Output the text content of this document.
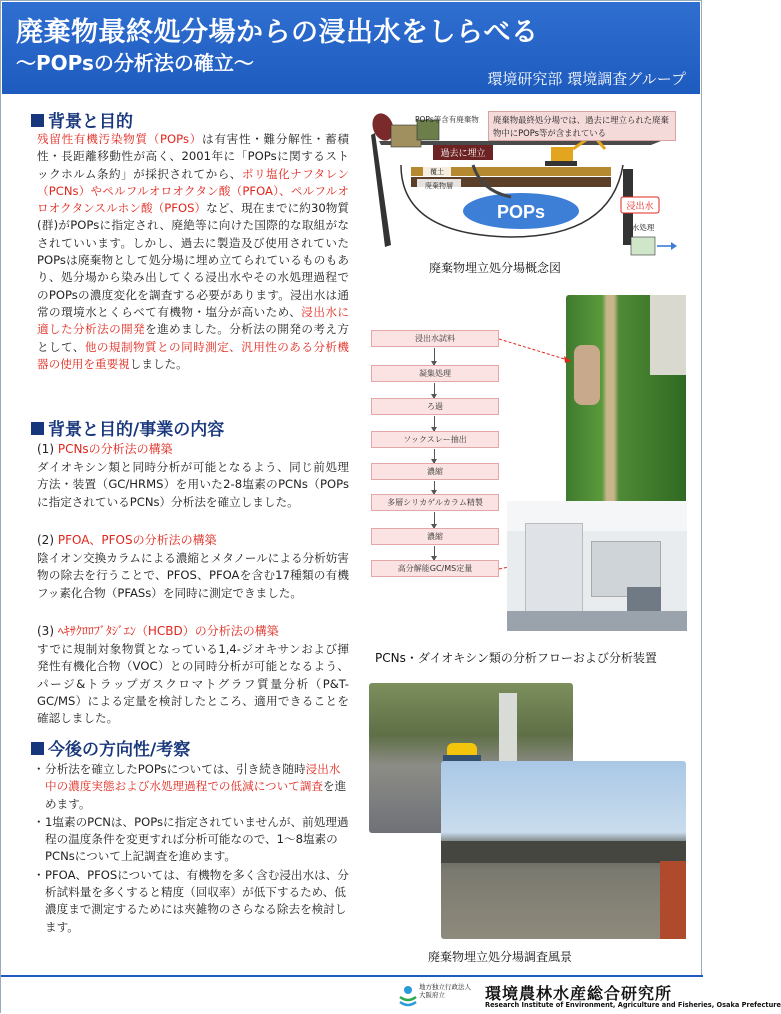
廃棄物最終処分場からの浸出水をしらべる
～POPsの分析法の確立～
環境研究部 環境調査グループ
背景と目的
残留性有機汚染物質（POPs）は有害性・難分解性・蓄積性・長距離移動性が高く、2001年に「POPsに関するストックホルム条約」が採択されてから、ポリ塩化ナフタレン（PCNs）やペルフルオロオクタン酸（PFOA）、ペルフルオロオクタンスルホン酸（PFOS）など、現在までに約30物質(群)がPOPsに指定され、廃絶等に向けた国際的な取組がなされていいます。しかし、過去に製造及び使用されていたPOPsは廃棄物として処分場に埋め立てられているものもあり、処分場から染み出してくる浸出水やその水処理過程でのPOPsの濃度変化を調査する必要があります。浸出水は通常の環境水とくらべて有機物・塩分が高いため、浸出水に適した分析法の開発を進めました。分析法の開発の考え方として、他の規制物質との同時測定、汎用性のある分析機器の使用を重要視しました。
背景と目的/事業の内容
(1) PCNsの分析法の構築
ダイオキシン類と同時分析が可能となるよう、同じ前処理方法・装置（GC/HRMS）を用いた2-8塩素のPCNs（POPsに指定されているPCNs）分析法を確立しました。
(2) PFOA、PFOSの分析法の構築
陰イオン交換カラムによる濃縮とメタノールによる分析妨害物の除去を行うことで、PFOS、PFOAを含む17種類の有機フッ素化合物（PFASs）を同時に測定できました。
(3) ﾍｷｻｸﾛﾛﾌﾞﾀｼﾞｴﾝ（HCBD）の分析法の構築
すでに規制対象物質となっている1,4-ジオキサンおよび揮発性有機化合物（VOC）との同時分析が可能となるよう、パージ&トラップガスクロマトグラフ質量分析（P&T-GC/MS）による定量を検討したところ、適用できることを確認しました。
今後の方向性/考察
・ 分析法を確立したPOPsについては、引き続き随時浸出水中の濃度実態および水処理過程での低減について調査を進めます。
・ 1塩素のPCNは、POPsに指定されていませんが、前処理過程の温度条件を変更すれば分析可能なので、1～8塩素のPCNsについて上記調査を進めます。
・ PFOA、PFOSについては、有機物を多く含む浸出水は、分析試料量を多くすると精度（回収率）が低下するため、低濃度まで測定するためには夾雑物のさらなる除去を検討します。
POPs
POPs等含有廃棄物
過去に埋立
覆土
廃棄物層
浸出水
水処理
廃棄物最終処分場では、過去に埋立られた廃棄物中にPOPs等が含まれている
廃棄物埋立処分場概念図
浸出水試料
凝集処理
ろ過
ソックスレー抽出
濃縮
多層シリカゲルカラム精製
濃縮
高分解能GC/MS定量
PCNs・ダイオキシン類の分析フローおよび分析装置
廃棄物埋立処分場調査風景
地方独立行政法人
大阪府立	環境農林水産総合研究所
Research Institute of Environment, Agriculture and Fisheries, Osaka Prefecture
